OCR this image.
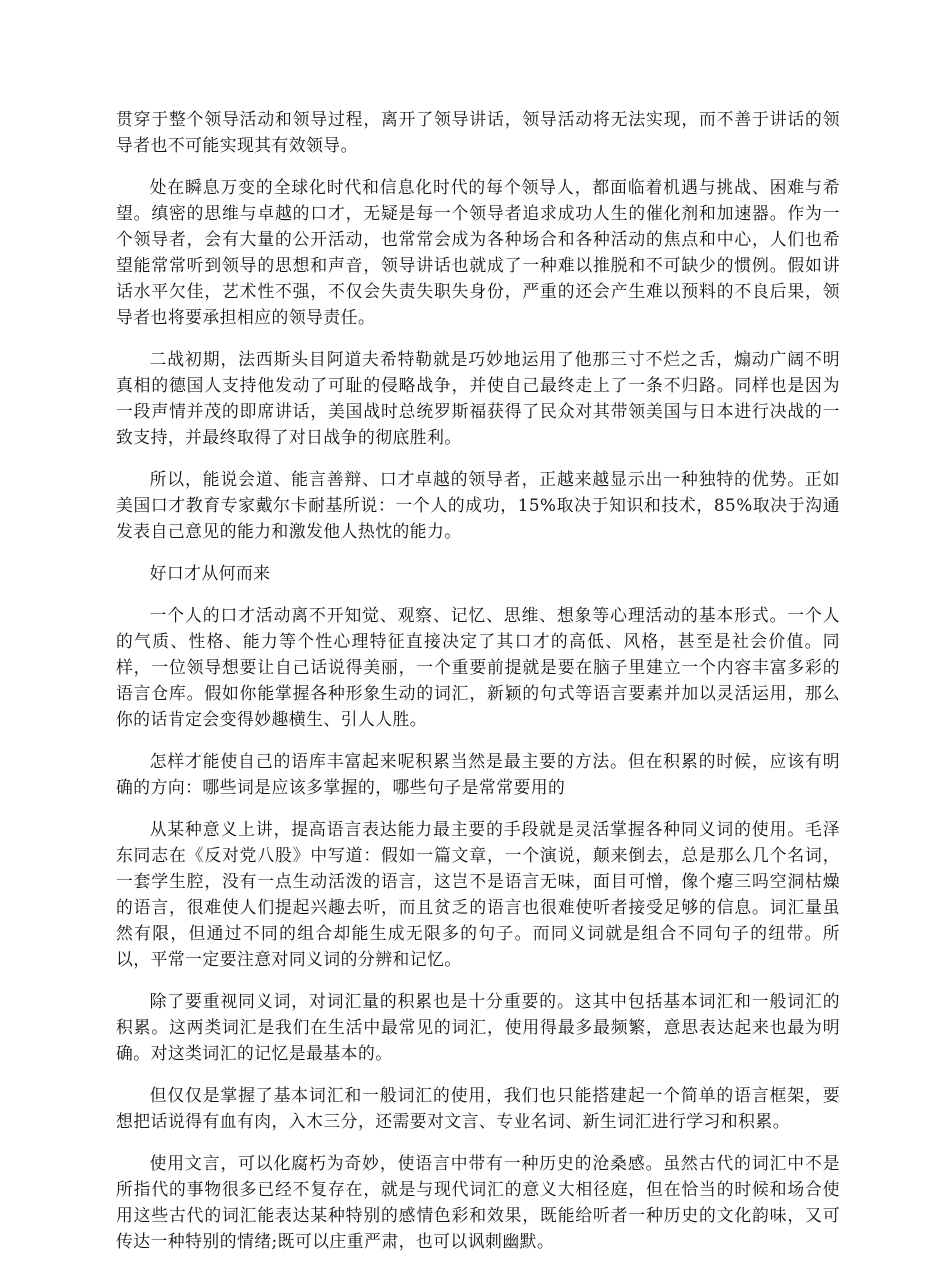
贯穿于整个领导活动和领导过程，离开了领导讲话，领导活动将无法实现，而不善于讲话的领导者也不可能实现其有效领导。

处在瞬息万变的全球化时代和信息化时代的每个领导人，都面临着机遇与挑战、困难与希望。缜密的思维与卓越的口才，无疑是每一个领导者追求成功人生的催化剂和加速器。作为一个领导者，会有大量的公开活动，也常常会成为各种场合和各种活动的焦点和中心，人们也希望能常常听到领导的思想和声音，领导讲话也就成了一种难以推脱和不可缺少的惯例。假如讲话水平欠佳，艺术性不强，不仅会失责失职失身份，严重的还会产生难以预料的不良后果，领导者也将要承担相应的领导责任。

二战初期，法西斯头目阿道夫希特勒就是巧妙地运用了他那三寸不烂之舌，煽动广阔不明真相的德国人支持他发动了可耻的侵略战争，并使自己最终走上了一条不归路。同样也是因为一段声情并茂的即席讲话，美国战时总统罗斯福获得了民众对其带领美国与日本进行决战的一致支持，并最终取得了对日战争的彻底胜利。

所以，能说会道、能言善辩、口才卓越的领导者，正越来越显示出一种独特的优势。正如美国口才教育专家戴尔卡耐基所说：一个人的成功，15%取决于知识和技术，85%取决于沟通发表自己意见的能力和激发他人热忱的能力。

好口才从何而来

一个人的口才活动离不开知觉、观察、记忆、思维、想象等心理活动的基本形式。一个人的气质、性格、能力等个性心理特征直接决定了其口才的高低、风格，甚至是社会价值。同样，一位领导想要让自己话说得美丽，一个重要前提就是要在脑子里建立一个内容丰富多彩的语言仓库。假如你能掌握各种形象生动的词汇，新颖的句式等语言要素并加以灵活运用，那么你的话肯定会变得妙趣横生、引人人胜。

怎样才能使自己的语库丰富起来呢积累当然是最主要的方法。但在积累的时候，应该有明确的方向：哪些词是应该多掌握的，哪些句子是常常要用的

从某种意义上讲，提高语言表达能力最主要的手段就是灵活掌握各种同义词的使用。毛泽东同志在《反对党八股》中写道：假如一篇文章，一个演说，颠来倒去，总是那么几个名词，一套学生腔，没有一点生动活泼的语言，这岂不是语言无味，面目可憎，像个瘪三吗空洞枯燥的语言，很难使人们提起兴趣去听，而且贫乏的语言也很难使听者接受足够的信息。词汇量虽然有限，但通过不同的组合却能生成无限多的句子。而同义词就是组合不同句子的纽带。所以，平常一定要注意对同义词的分辨和记忆。

除了要重视同义词，对词汇量的积累也是十分重要的。这其中包括基本词汇和一般词汇的积累。这两类词汇是我们在生活中最常见的词汇，使用得最多最频繁，意思表达起来也最为明确。对这类词汇的记忆是最基本的。

但仅仅是掌握了基本词汇和一般词汇的使用，我们也只能搭建起一个简单的语言框架，要想把话说得有血有肉，入木三分，还需要对文言、专业名词、新生词汇进行学习和积累。

使用文言，可以化腐朽为奇妙，使语言中带有一种历史的沧桑感。虽然古代的词汇中不是所指代的事物很多已经不复存在，就是与现代词汇的意义大相径庭，但在恰当的时候和场合使用这些古代的词汇能表达某种特别的感情色彩和效果，既能给听者一种历史的文化韵味，又可传达一种特别的情绪;既可以庄重严肃，也可以讽刺幽默。
